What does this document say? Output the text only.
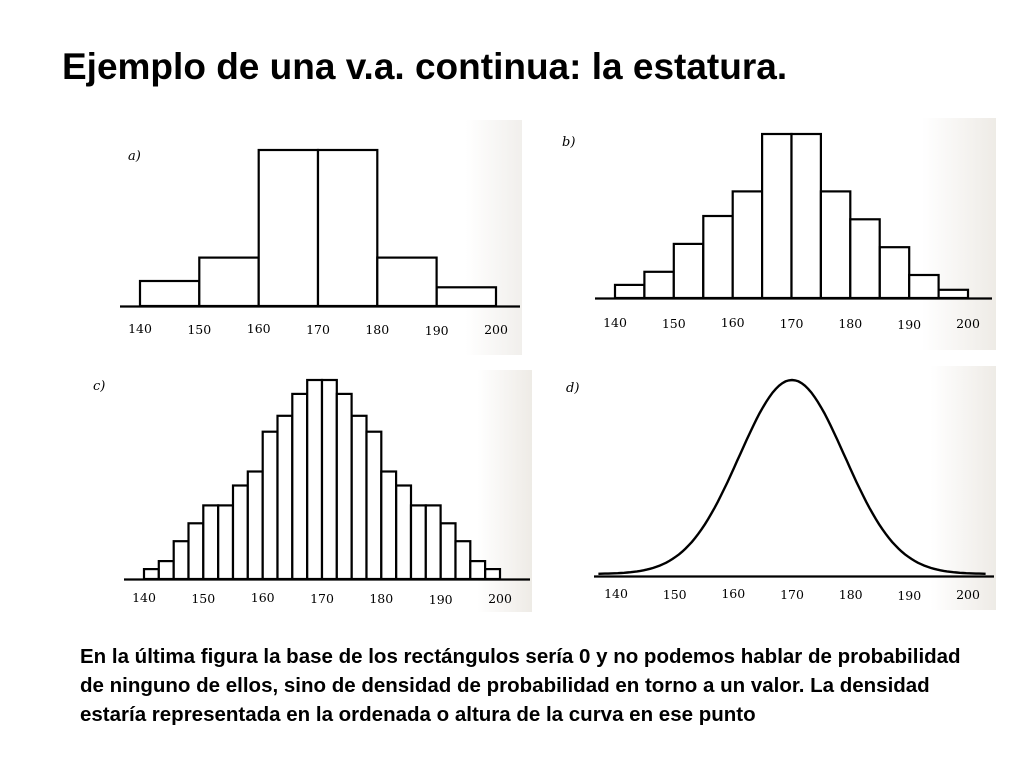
Ejemplo de una v.a. continua: la estatura.
a)
140	150	160	170	180	190	200
b)
140	150	160	170	180	190	200
c)
140	150	160	170	180	190	200
d)
140	150	160	170	180	190	200

En la última figura la base de los rectángulos sería 0 y no podemos hablar de probabilidad de ninguno de ellos, sino de densidad de probabilidad en torno a un valor. La densidad estaría representada en la ordenada o altura de la curva en ese punto
